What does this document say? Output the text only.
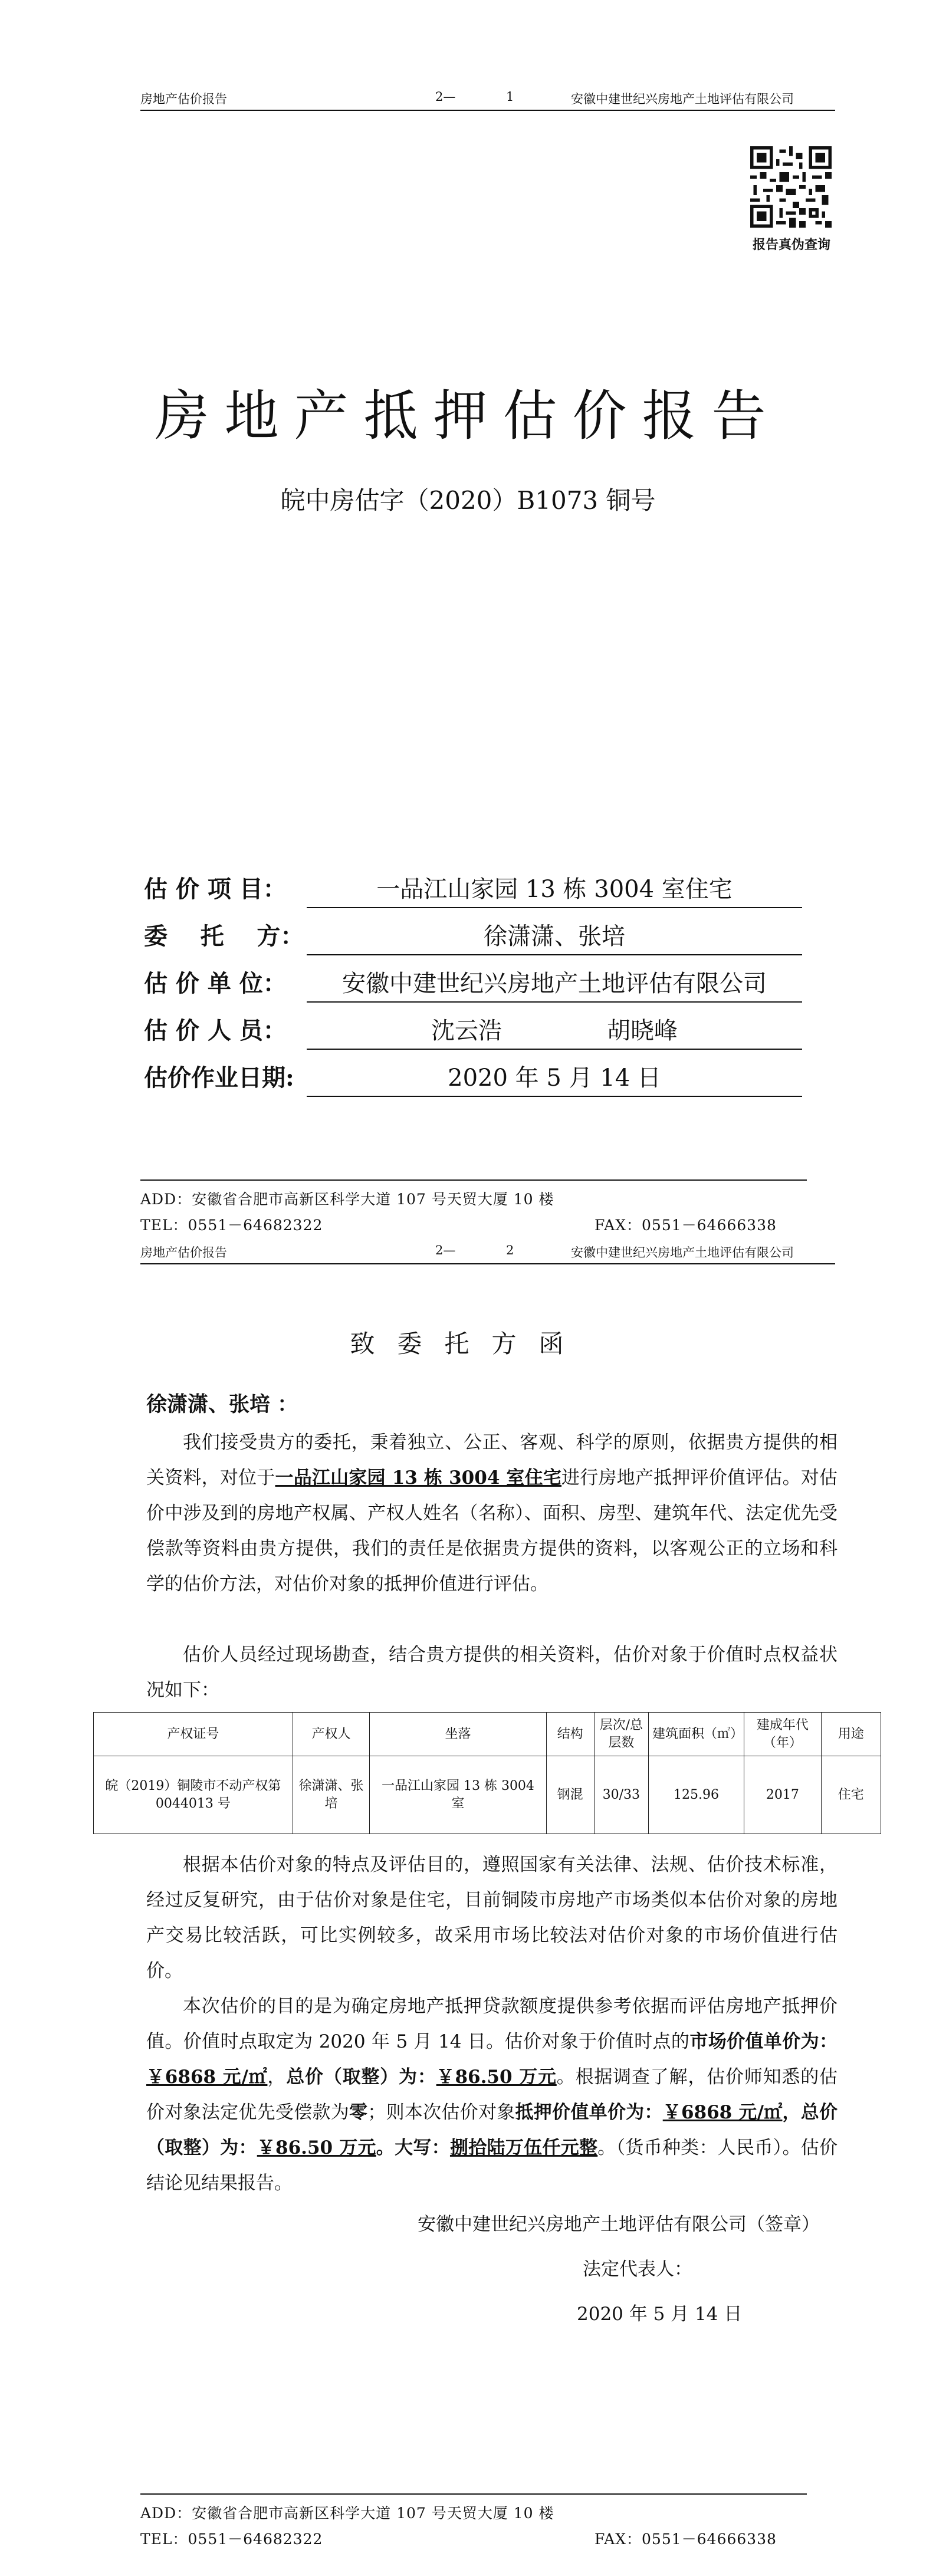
房地产估价报告	2—	1	安徽中建世纪兴房地产土地评估有限公司
报告真伪查询
房地产抵押估价报告
皖中房估字（2020）B1073 铜号
估 价 项 目：	一品江山家园 13 栋 3004 室住宅
委    托    方：	徐潇潇、张培
估 价 单 位：	安徽中建世纪兴房地产土地评估有限公司
估 价 人 员：	沈云浩              胡晓峰
估价作业日期:	2020 年 5 月 14 日
ADD：安徽省合肥市高新区科学大道 107 号天贸大厦 10 楼
TEL：0551－64682322	FAX：0551－64666338
房地产估价报告	2—	2	安徽中建世纪兴房地产土地评估有限公司
致委托方函
徐潇潇、张培 ：
我们接受贵方的委托，秉着独立、公正、客观、科学的原则，依据贵方提供的相关资料，对位于一品江山家园 13 栋 3004 室住宅进行房地产抵押评价值评估。对估价中涉及到的房地产权属、产权人姓名（名称）、面积、房型、建筑年代、法定优先受偿款等资料由贵方提供，我们的责任是依据贵方提供的资料，以客观公正的立场和科学的估价方法，对估价对象的抵押价值进行评估。
估价人员经过现场勘查，结合贵方提供的相关资料，估价对象于价值时点权益状况如下：
产权证号	产权人	坐落	结构	层次/总层数	建筑面积（㎡）	建成年代（年）	用途
皖（2019）铜陵市不动产权第 0044013 号	徐潇潇、张培	一品江山家园 13 栋 3004 室	钢混	30/33	125.96	2017	住宅
根据本估价对象的特点及评估目的，遵照国家有关法律、法规、估价技术标准，经过反复研究，由于估价对象是住宅，目前铜陵市房地产市场类似本估价对象的房地产交易比较活跃，可比实例较多，故采用市场比较法对估价对象的市场价值进行估价。
本次估价的目的是为确定房地产抵押贷款额度提供参考依据而评估房地产抵押价值。价值时点取定为 2020 年 5 月 14 日。估价对象于价值时点的市场价值单价为：￥6868 元/㎡，总价（取整）为：￥86.50 万元。根据调查了解，估价师知悉的估价对象法定优先受偿款为零；则本次估价对象抵押价值单价为：￥6868 元/㎡，总价（取整）为：￥86.50 万元。大写：捌拾陆万伍仟元整。（货币种类：人民币）。估价结论见结果报告。
安徽中建世纪兴房地产土地评估有限公司（签章）
法定代表人：
2020 年 5 月 14 日
ADD：安徽省合肥市高新区科学大道 107 号天贸大厦 10 楼
TEL：0551－64682322	FAX：0551－64666338
